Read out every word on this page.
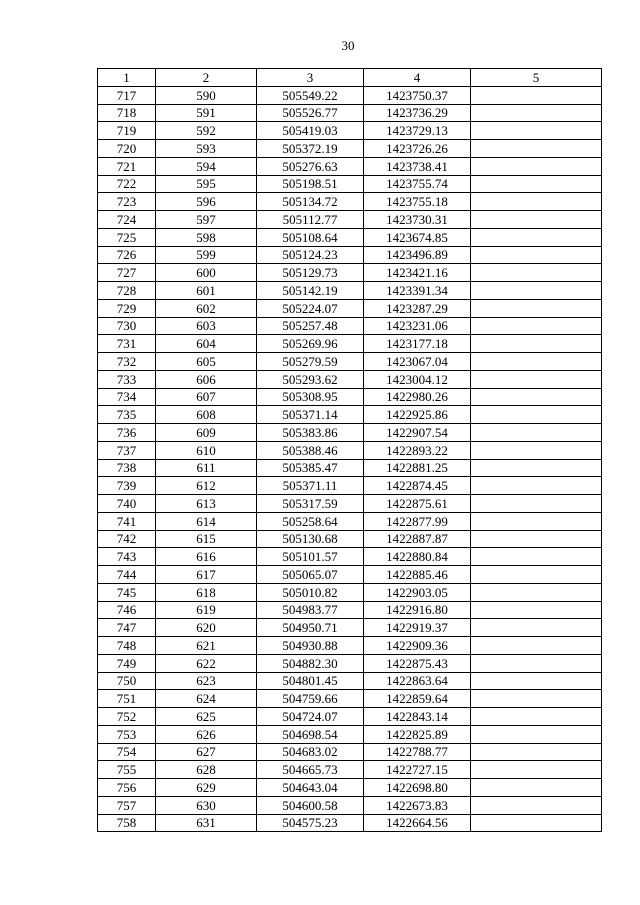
30
1	2	3	4	5
717	590	505549.22	1423750.37	
718	591	505526.77	1423736.29	
719	592	505419.03	1423729.13	
720	593	505372.19	1423726.26	
721	594	505276.63	1423738.41	
722	595	505198.51	1423755.74	
723	596	505134.72	1423755.18	
724	597	505112.77	1423730.31	
725	598	505108.64	1423674.85	
726	599	505124.23	1423496.89	
727	600	505129.73	1423421.16	
728	601	505142.19	1423391.34	
729	602	505224.07	1423287.29	
730	603	505257.48	1423231.06	
731	604	505269.96	1423177.18	
732	605	505279.59	1423067.04	
733	606	505293.62	1423004.12	
734	607	505308.95	1422980.26	
735	608	505371.14	1422925.86	
736	609	505383.86	1422907.54	
737	610	505388.46	1422893.22	
738	611	505385.47	1422881.25	
739	612	505371.11	1422874.45	
740	613	505317.59	1422875.61	
741	614	505258.64	1422877.99	
742	615	505130.68	1422887.87	
743	616	505101.57	1422880.84	
744	617	505065.07	1422885.46	
745	618	505010.82	1422903.05	
746	619	504983.77	1422916.80	
747	620	504950.71	1422919.37	
748	621	504930.88	1422909.36	
749	622	504882.30	1422875.43	
750	623	504801.45	1422863.64	
751	624	504759.66	1422859.64	
752	625	504724.07	1422843.14	
753	626	504698.54	1422825.89	
754	627	504683.02	1422788.77	
755	628	504665.73	1422727.15	
756	629	504643.04	1422698.80	
757	630	504600.58	1422673.83	
758	631	504575.23	1422664.56	
